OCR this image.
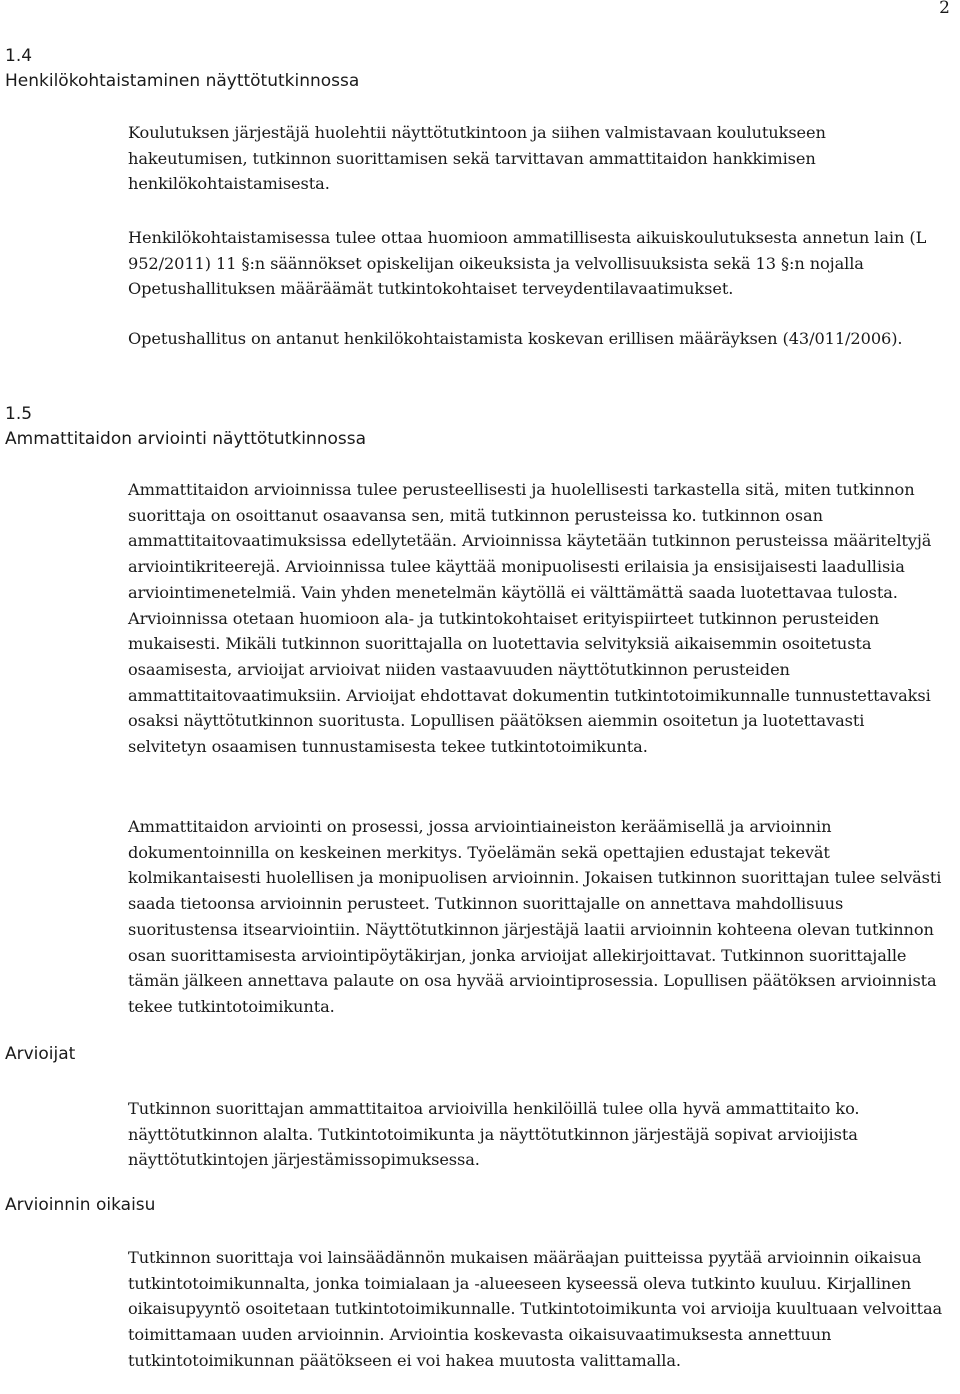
2
1.4
Henkilökohtaistaminen näyttötutkinnossa

Koulutuksen järjestäjä huolehtii näyttötutkintoon ja siihen valmistavaan koulutukseen hakeutumisen, tutkinnon suorittamisen sekä tarvittavan ammattitaidon hankkimisen henkilökohtaistamisesta.

Henkilökohtaistamisessa tulee ottaa huomioon ammatillisesta aikuiskoulutuksesta annetun lain (L 952/2011) 11 §:n säännökset opiskelijan oikeuksista ja velvollisuuksista sekä 13 §:n nojalla Opetushallituksen määräämät tutkintokohtaiset terveydentilavaatimukset.

Opetushallitus on antanut henkilökohtaistamista koskevan erillisen määräyksen (43/011/2006).

1.5
Ammattitaidon arviointi näyttötutkinnossa

Ammattitaidon arvioinnissa tulee perusteellisesti ja huolellisesti tarkastella sitä, miten tutkinnon suorittaja on osoittanut osaavansa sen, mitä tutkinnon perusteissa ko. tutkinnon osan ammattitaitovaatimuksissa edellytetään. Arvioinnissa käytetään tutkinnon perusteissa määriteltyjä arviointikriteerejä. Arvioinnissa tulee käyttää monipuolisesti erilaisia ja ensisijaisesti laadullisia arviointimenetelmiä. Vain yhden menetelmän käytöllä ei välttämättä saada luotettavaa tulosta. Arvioinnissa otetaan huomioon ala- ja tutkintokohtaiset erityispiirteet tutkinnon perusteiden mukaisesti. Mikäli tutkinnon suorittajalla on luotettavia selvityksiä aikaisemmin osoitetusta osaamisesta, arvioijat arvioivat niiden vastaavuuden näyttötutkinnon perusteiden ammattitaitovaatimuksiin. Arvioijat ehdottavat dokumentin tutkintotoimikunnalle tunnustettavaksi osaksi näyttötutkinnon suoritusta. Lopullisen päätöksen aiemmin osoitetun ja luotettavasti selvitetyn osaamisen tunnustamisesta tekee tutkintotoimikunta.

Ammattitaidon arviointi on prosessi, jossa arviointiaineiston keräämisellä ja arvioinnin dokumentoinnilla on keskeinen merkitys. Työelämän sekä opettajien edustajat tekevät kolmikantaisesti huolellisen ja monipuolisen arvioinnin. Jokaisen tutkinnon suorittajan tulee selvästi saada tietoonsa arvioinnin perusteet. Tutkinnon suorittajalle on annettava mahdollisuus suoritustensa itsearviointiin. Näyttötutkinnon järjestäjä laatii arvioinnin kohteena olevan tutkinnon osan suorittamisesta arviointipöytäkirjan, jonka arvioijat allekirjoittavat. Tutkinnon suorittajalle tämän jälkeen annettava palaute on osa hyvää arviointiprosessia. Lopullisen päätöksen arvioinnista tekee tutkintotoimikunta.

Arvioijat

Tutkinnon suorittajan ammattitaitoa arvioivilla henkilöillä tulee olla hyvä ammattitaito ko. näyttötutkinnon alalta. Tutkintotoimikunta ja näyttötutkinnon järjestäjä sopivat arvioijista näyttötutkintojen järjestämissopimuksessa.

Arvioinnin oikaisu

Tutkinnon suorittaja voi lainsäädännön mukaisen määräajan puitteissa pyytää arvioinnin oikaisua tutkintotoimikunnalta, jonka toimialaan ja -alueeseen kyseessä oleva tutkinto kuuluu. Kirjallinen oikaisupyyntö osoitetaan tutkintotoimikunnalle. Tutkintotoimikunta voi arvioija kuultuaan velvoittaa toimittamaan uuden arvioinnin. Arviointia koskevasta oikaisuvaatimuksesta annettuun tutkintotoimikunnan päätökseen ei voi hakea muutosta valittamalla.
